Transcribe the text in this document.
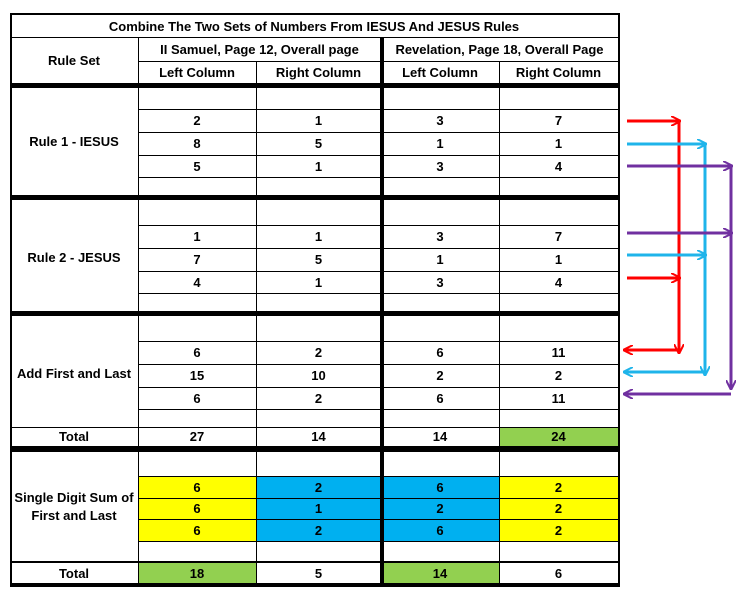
Combine The Two Sets of Numbers From IESUS And JESUS Rules
Rule Set
II Samuel, Page 12, Overall page	Revelation, Page 18, Overall Page
Left Column	Right Column	Left Column	Right Column
Rule 1 - IESUS
2	1	3	7
8	5	1	1
5	1	3	4
Rule 2 - JESUS
1	1	3	7
7	5	1	1
4	1	3	4
Add First and Last
6	2	6	11
15	10	2	2
6	2	6	11
Total	27	14	14	24
Single Digit Sum of First and Last
6	2	6	2
6	1	2	2
6	2	6	2
Total	18	5	14	6
